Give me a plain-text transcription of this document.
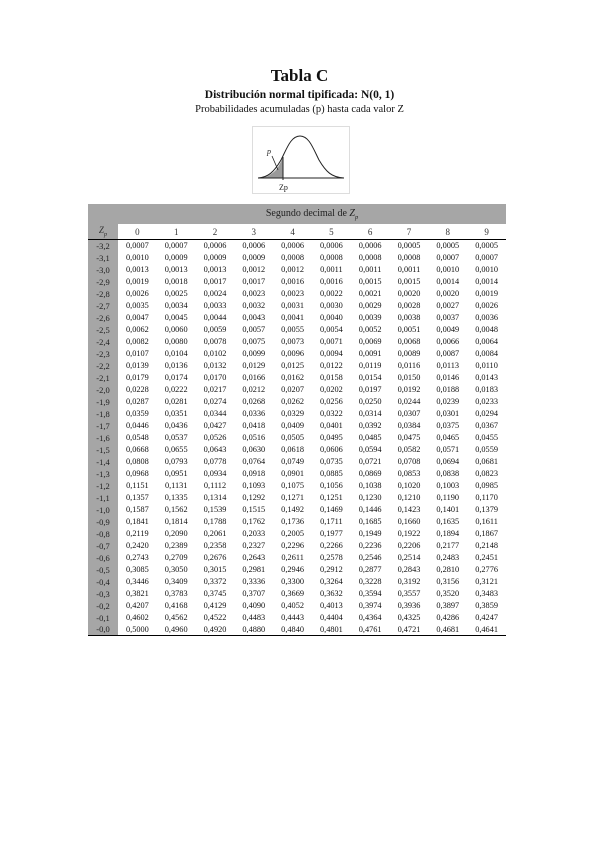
Tabla C
Distribución normal tipificada: N(0, 1)
Probabilidades acumuladas (p) hasta cada valor Z
p
Zp
	Segundo decimal de $Z_p$
$Z_p$	0	1	2	3	4	5	6	7	8	9
-3,2	0,0007	0,0007	0,0006	0,0006	0,0006	0,0006	0,0006	0,0005	0,0005	0,0005
-3,1	0,0010	0,0009	0,0009	0,0009	0,0008	0,0008	0,0008	0,0008	0,0007	0,0007
-3,0	0,0013	0,0013	0,0013	0,0012	0,0012	0,0011	0,0011	0,0011	0,0010	0,0010
-2,9	0,0019	0,0018	0,0017	0,0017	0,0016	0,0016	0,0015	0,0015	0,0014	0,0014
-2,8	0,0026	0,0025	0,0024	0,0023	0,0023	0,0022	0,0021	0,0020	0,0020	0,0019
-2,7	0,0035	0,0034	0,0033	0,0032	0,0031	0,0030	0,0029	0,0028	0,0027	0,0026
-2,6	0,0047	0,0045	0,0044	0,0043	0,0041	0,0040	0,0039	0,0038	0,0037	0,0036
-2,5	0,0062	0,0060	0,0059	0,0057	0,0055	0,0054	0,0052	0,0051	0,0049	0,0048
-2,4	0,0082	0,0080	0,0078	0,0075	0,0073	0,0071	0,0069	0,0068	0,0066	0,0064
-2,3	0,0107	0,0104	0,0102	0,0099	0,0096	0,0094	0,0091	0,0089	0,0087	0,0084
-2,2	0,0139	0,0136	0,0132	0,0129	0,0125	0,0122	0,0119	0,0116	0,0113	0,0110
-2,1	0,0179	0,0174	0,0170	0,0166	0,0162	0,0158	0,0154	0,0150	0,0146	0,0143
-2,0	0,0228	0,0222	0,0217	0,0212	0,0207	0,0202	0,0197	0,0192	0,0188	0,0183
-1,9	0,0287	0,0281	0,0274	0,0268	0,0262	0,0256	0,0250	0,0244	0,0239	0,0233
-1,8	0,0359	0,0351	0,0344	0,0336	0,0329	0,0322	0,0314	0,0307	0,0301	0,0294
-1,7	0,0446	0,0436	0,0427	0,0418	0,0409	0,0401	0,0392	0,0384	0,0375	0,0367
-1,6	0,0548	0,0537	0,0526	0,0516	0,0505	0,0495	0,0485	0,0475	0,0465	0,0455
-1,5	0,0668	0,0655	0,0643	0,0630	0,0618	0,0606	0,0594	0,0582	0,0571	0,0559
-1,4	0,0808	0,0793	0,0778	0,0764	0,0749	0,0735	0,0721	0,0708	0,0694	0,0681
-1,3	0,0968	0,0951	0,0934	0,0918	0,0901	0,0885	0,0869	0,0853	0,0838	0,0823
-1,2	0,1151	0,1131	0,1112	0,1093	0,1075	0,1056	0,1038	0,1020	0,1003	0,0985
-1,1	0,1357	0,1335	0,1314	0,1292	0,1271	0,1251	0,1230	0,1210	0,1190	0,1170
-1,0	0,1587	0,1562	0,1539	0,1515	0,1492	0,1469	0,1446	0,1423	0,1401	0,1379
-0,9	0,1841	0,1814	0,1788	0,1762	0,1736	0,1711	0,1685	0,1660	0,1635	0,1611
-0,8	0,2119	0,2090	0,2061	0,2033	0,2005	0,1977	0,1949	0,1922	0,1894	0,1867
-0,7	0,2420	0,2389	0,2358	0,2327	0,2296	0,2266	0,2236	0,2206	0,2177	0,2148
-0,6	0,2743	0,2709	0,2676	0,2643	0,2611	0,2578	0,2546	0,2514	0,2483	0,2451
-0,5	0,3085	0,3050	0,3015	0,2981	0,2946	0,2912	0,2877	0,2843	0,2810	0,2776
-0,4	0,3446	0,3409	0,3372	0,3336	0,3300	0,3264	0,3228	0,3192	0,3156	0,3121
-0,3	0,3821	0,3783	0,3745	0,3707	0,3669	0,3632	0,3594	0,3557	0,3520	0,3483
-0,2	0,4207	0,4168	0,4129	0,4090	0,4052	0,4013	0,3974	0,3936	0,3897	0,3859
-0,1	0,4602	0,4562	0,4522	0,4483	0,4443	0,4404	0,4364	0,4325	0,4286	0,4247
-0,0	0,5000	0,4960	0,4920	0,4880	0,4840	0,4801	0,4761	0,4721	0,4681	0,4641
